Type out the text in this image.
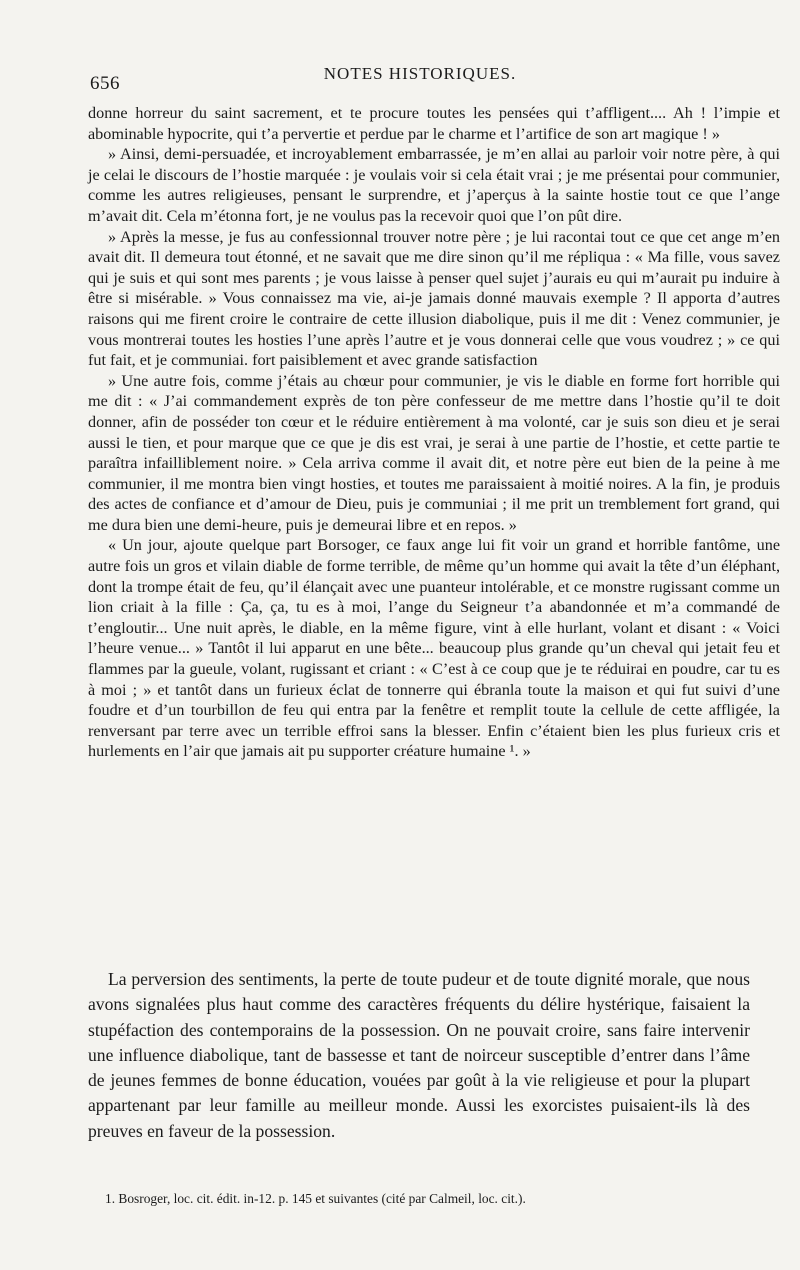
656	NOTES HISTORIQUES.

donne horreur du saint sacrement, et te procure toutes les pensées qui t’affligent.... Ah ! l’impie et abominable hypocrite, qui t’a pervertie et perdue par le charme et l’artifice de son art magique ! »

» Ainsi, demi-persuadée, et incroyablement embarrassée, je m’en allai au parloir voir notre père, à qui je celai le discours de l’hostie marquée : je voulais voir si cela était vrai ; je me présentai pour communier, comme les autres religieuses, pensant le surprendre, et j’aperçus à la sainte hostie tout ce que l’ange m’avait dit. Cela m’étonna fort, je ne voulus pas la recevoir quoi que l’on pût dire.

» Après la messe, je fus au confessionnal trouver notre père ; je lui racontai tout ce que cet ange m’en avait dit. Il demeura tout étonné, et ne savait que me dire sinon qu’il me répliqua : « Ma fille, vous savez qui je suis et qui sont mes parents ; je vous laisse à penser quel sujet j’aurais eu qui m’aurait pu induire à être si misérable. » Vous connaissez ma vie, ai-je jamais donné mauvais exemple ? Il apporta d’autres raisons qui me firent croire le contraire de cette illusion diabolique, puis il me dit : Venez communier, je vous montrerai toutes les hosties l’une après l’autre et je vous donnerai celle que vous voudrez ; » ce qui fut fait, et je communiai. fort paisiblement et avec grande satisfaction

» Une autre fois, comme j’étais au chœur pour communier, je vis le diable en forme fort horrible qui me dit : « J’ai commandement exprès de ton père confesseur de me mettre dans l’hostie qu’il te doit donner, afin de posséder ton cœur et le réduire entièrement à ma volonté, car je suis son dieu et je serai aussi le tien, et pour marque que ce que je dis est vrai, je serai à une partie de l’hostie, et cette partie te paraîtra infailliblement noire. » Cela arriva comme il avait dit, et notre père eut bien de la peine à me communier, il me montra bien vingt hosties, et toutes me paraissaient à moitié noires. A la fin, je produis des actes de confiance et d’amour de Dieu, puis je communiai ; il me prit un tremblement fort grand, qui me dura bien une demi-heure, puis je demeurai libre et en repos. »

« Un jour, ajoute quelque part Borsoger, ce faux ange lui fit voir un grand et horrible fantôme, une autre fois un gros et vilain diable de forme terrible, de même qu’un homme qui avait la tête d’un éléphant, dont la trompe était de feu, qu’il élançait avec une puanteur intolérable, et ce monstre rugissant comme un lion criait à la fille : Ça, ça, tu es à moi, l’ange du Seigneur t’a abandonnée et m’a commandé de t’engloutir... Une nuit après, le diable, en la même figure, vint à elle hurlant, volant et disant : « Voici l’heure venue... » Tantôt il lui apparut en une bête... beaucoup plus grande qu’un cheval qui jetait feu et flammes par la gueule, volant, rugissant et criant : « C’est à ce coup que je te réduirai en poudre, car tu es à moi ; » et tantôt dans un furieux éclat de tonnerre qui ébranla toute la maison et qui fut suivi d’une foudre et d’un tourbillon de feu qui entra par la fenêtre et remplit toute la cellule de cette affligée, la renversant par terre avec un terrible effroi sans la blesser. Enfin c’étaient bien les plus furieux cris et hurlements en l’air que jamais ait pu supporter créature humaine ¹. »

La perversion des sentiments, la perte de toute pudeur et de toute dignité morale, que nous avons signalées plus haut comme des caractères fréquents du délire hystérique, faisaient la stupéfaction des contemporains de la possession. On ne pouvait croire, sans faire intervenir une influence diabolique, tant de bassesse et tant de noirceur susceptible d’entrer dans l’âme de jeunes femmes de bonne éducation, vouées par goût à la vie religieuse et pour la plupart appartenant par leur famille au meilleur monde. Aussi les exorcistes puisaient-ils là des preuves en faveur de la possession.

1. Bosroger, loc. cit. édit. in-12. p. 145 et suivantes (cité par Calmeil, loc. cit.).
